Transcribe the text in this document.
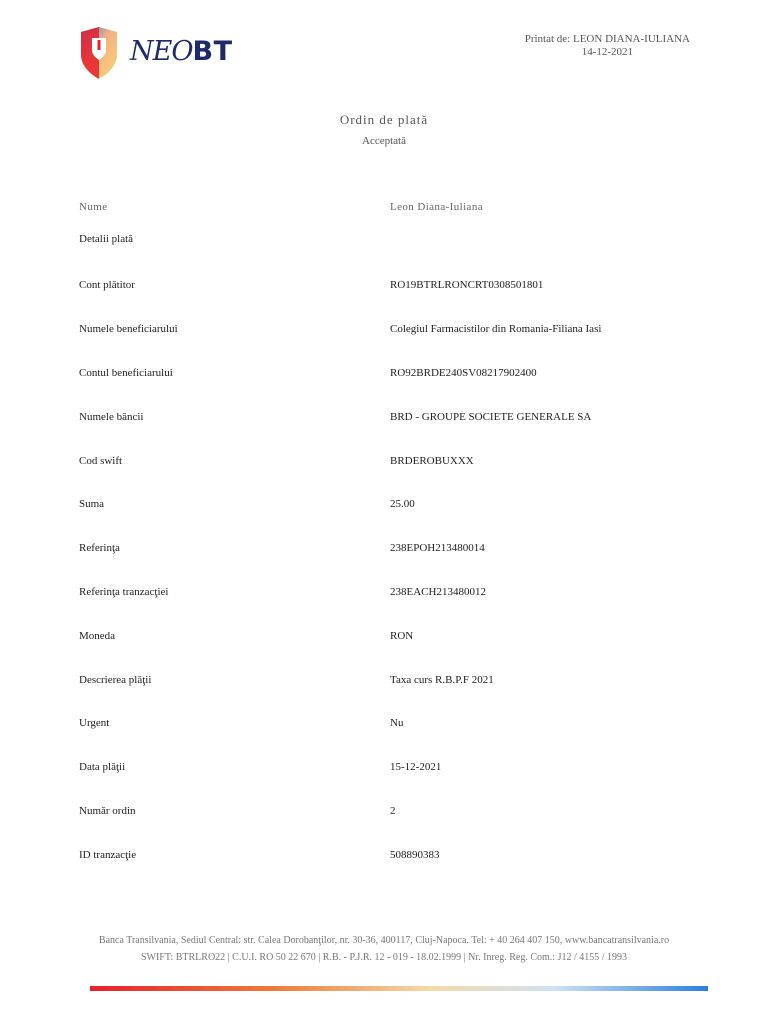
NEOBT	Printat de: LEON DIANA-IULIANA
14-12-2021
Ordin de plată
Acceptată
Nume	Leon Diana-Iuliana
Detalii plată
Cont plătitor	RO19BTRLRONCRT0308501801
Numele beneficiarului	Colegiul Farmacistilor din Romania-Filiana Iasi
Contul beneficiarului	RO92BRDE240SV08217902400
Numele băncii	BRD - GROUPE SOCIETE GENERALE SA
Cod swift	BRDEROBUXXX
Suma	25.00
Referinţa	238EPOH213480014
Referinţa tranzacţiei	238EACH213480012
Moneda	RON
Descrierea plăţii	Taxa curs R.B.P.F 2021
Urgent	Nu
Data plăţii	15-12-2021
Număr ordin	2
ID tranzacţie	508890383
Banca Transilvania, Sediul Central: str. Calea Dorobanţilor, nr. 30-36, 400117, Cluj-Napoca. Tel: + 40 264 407 150, www.bancatransilvania.ro
SWIFT: BTRLRO22 | C.U.I. RO 50 22 670 | R.B. - P.J.R. 12 - 019 - 18.02.1999 | Nr. Inreg. Reg. Com.: J12 / 4155 / 1993
